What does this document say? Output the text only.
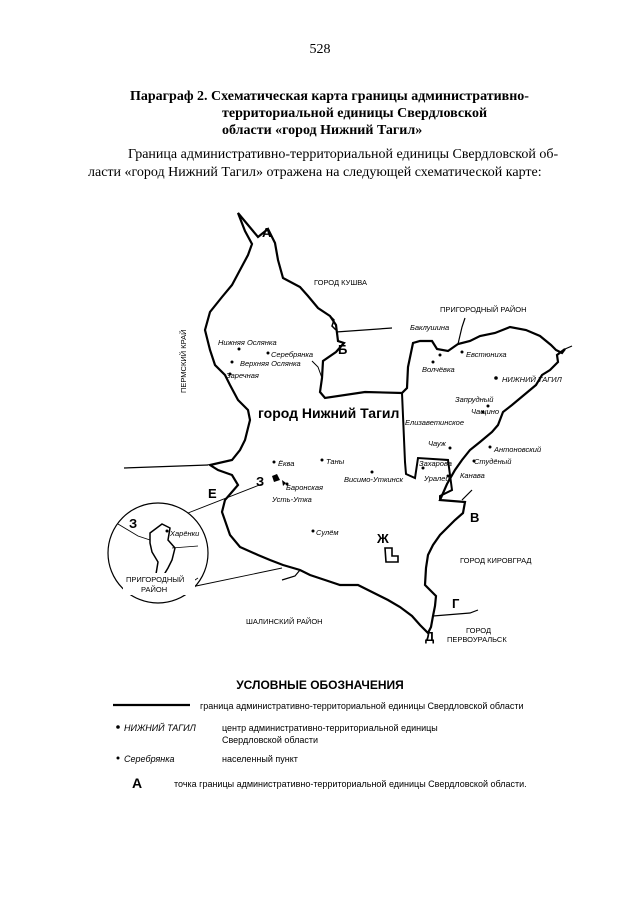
528
Параграф 2. Схематическая карта границы административно-
территориальной единицы Свердловской
области «город Нижний Тагил»
Граница административно-территориальной единицы Свердловской об-
ласти «город Нижний Тагил» отражена на следующей схематической карте:
ГОРОД КУШВА
ПРИГОРОДНЫЙ РАЙОН
ПЕРМСКИЙ КРАЙ
ГОРОД КИРОВГРАД
ШАЛИНСКИЙ РАЙОН
ГОРОД
ПЕРВОУРАЛЬСК
город Нижний Тагил
А
Б
В
Г
Д
Е
Ж
З
З
НИЖНИЙ ТАГИЛ
Нижняя Ослянка
Серебрянка
Верхняя Ослянка
Заречная
Баклушина
Евстюниха
Волчёвка
Запрудный
Чащино
Елизаветинское
Чауж
Антоновский
Студёный
Захарова
Уралец Канава
Ёква	Таны
Висимо-Уткинск
Баронская
Усть-Утка
Сулём
Харёнки
ПРИГОРОДНЫЙ
РАЙОН
УСЛОВНЫЕ ОБОЗНАЧЕНИЯ
граница административно-территориальной единицы Свердловской области
НИЖНИЙ ТАГИЛ	центр административно-территориальной единицы
Свердловской области
Серебрянка	населенный пункт
А	точка границы административно-территориальной единицы Свердловской области.
